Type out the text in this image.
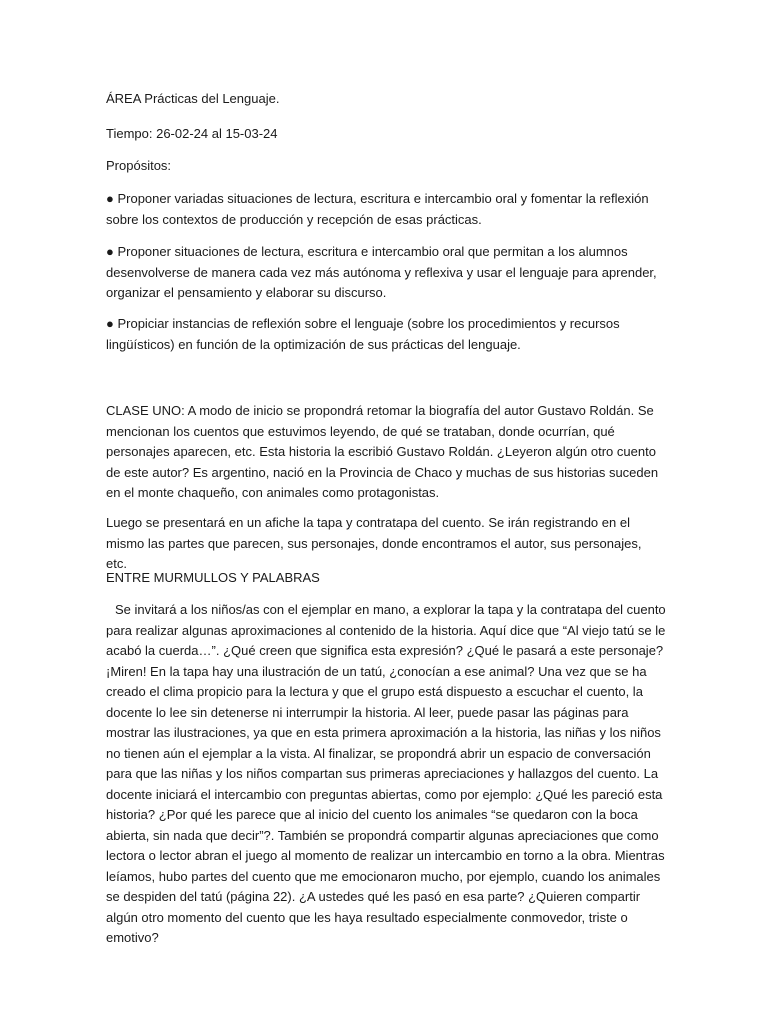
ÁREA Prácticas del Lenguaje.

Tiempo: 26-02-24 al 15-03-24

Propósitos:

● Proponer variadas situaciones de lectura, escritura e intercambio oral y fomentar la reflexión sobre los contextos de producción y recepción de esas prácticas.

● Proponer situaciones de lectura, escritura e intercambio oral que permitan a los alumnos desenvolverse de manera cada vez más autónoma y reflexiva y usar el lenguaje para aprender, organizar el pensamiento y elaborar su discurso.

● Propiciar instancias de reflexión sobre el lenguaje (sobre los procedimientos y recursos lingüísticos) en función de la optimización de sus prácticas del lenguaje.

CLASE UNO: A modo de inicio se propondrá retomar la biografía del autor Gustavo Roldán. Se mencionan los cuentos que estuvimos leyendo, de qué se trataban, donde ocurrían, qué personajes aparecen, etc. Esta historia la escribió Gustavo Roldán. ¿Leyeron algún otro cuento de este autor? Es argentino, nació en la Provincia de Chaco y muchas de sus historias suceden en el monte chaqueño, con animales como protagonistas.

Luego se presentará en un afiche la tapa y contratapa del cuento. Se irán registrando en el mismo las partes que parecen, sus personajes, donde encontramos el autor, sus personajes, etc.

ENTRE MURMULLOS Y PALABRAS

Se invitará a los niños/as con el ejemplar en mano, a explorar la tapa y la contratapa del cuento para realizar algunas aproximaciones al contenido de la historia. Aquí dice que “Al viejo tatú se le acabó la cuerda…”. ¿Qué creen que significa esta expresión? ¿Qué le pasará a este personaje? ¡Miren! En la tapa hay una ilustración de un tatú, ¿conocían a ese animal? Una vez que se ha creado el clima propicio para la lectura y que el grupo está dispuesto a escuchar el cuento, la docente lo lee sin detenerse ni interrumpir la historia. Al leer, puede pasar las páginas para mostrar las ilustraciones, ya que en esta primera aproximación a la historia, las niñas y los niños no tienen aún el ejemplar a la vista. Al finalizar, se propondrá abrir un espacio de conversación para que las niñas y los niños compartan sus primeras apreciaciones y hallazgos del cuento. La docente iniciará el intercambio con preguntas abiertas, como por ejemplo: ¿Qué les pareció esta historia? ¿Por qué les parece que al inicio del cuento los animales “se quedaron con la boca abierta, sin nada que decir”?. También se propondrá compartir algunas apreciaciones que como lectora o lector abran el juego al momento de realizar un intercambio en torno a la obra. Mientras leíamos, hubo partes del cuento que me emocionaron mucho, por ejemplo, cuando los animales se despiden del tatú (página 22). ¿A ustedes qué les pasó en esa parte? ¿Quieren compartir algún otro momento del cuento que les haya resultado especialmente conmovedor, triste o emotivo?
